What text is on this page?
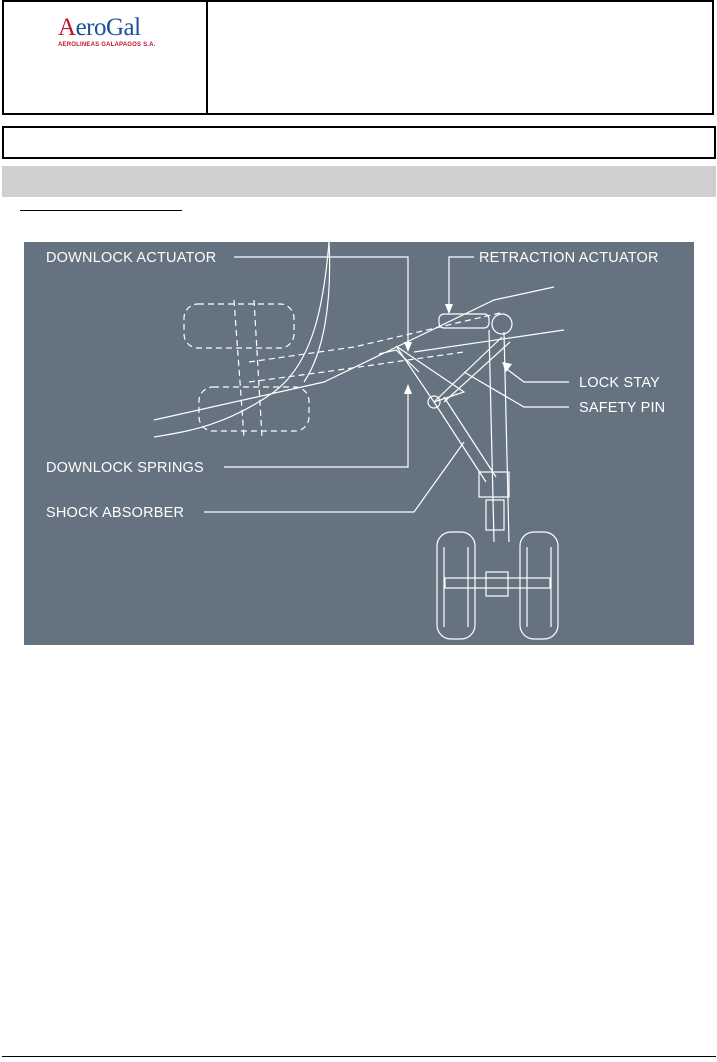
AeroGal
AEROLINEAS GALAPAGOS S.A.
DOWNLOCK ACTUATOR	RETRACTION ACTUATOR
LOCK STAY
SAFETY PIN
DOWNLOCK SPRINGS
SHOCK ABSORBER
